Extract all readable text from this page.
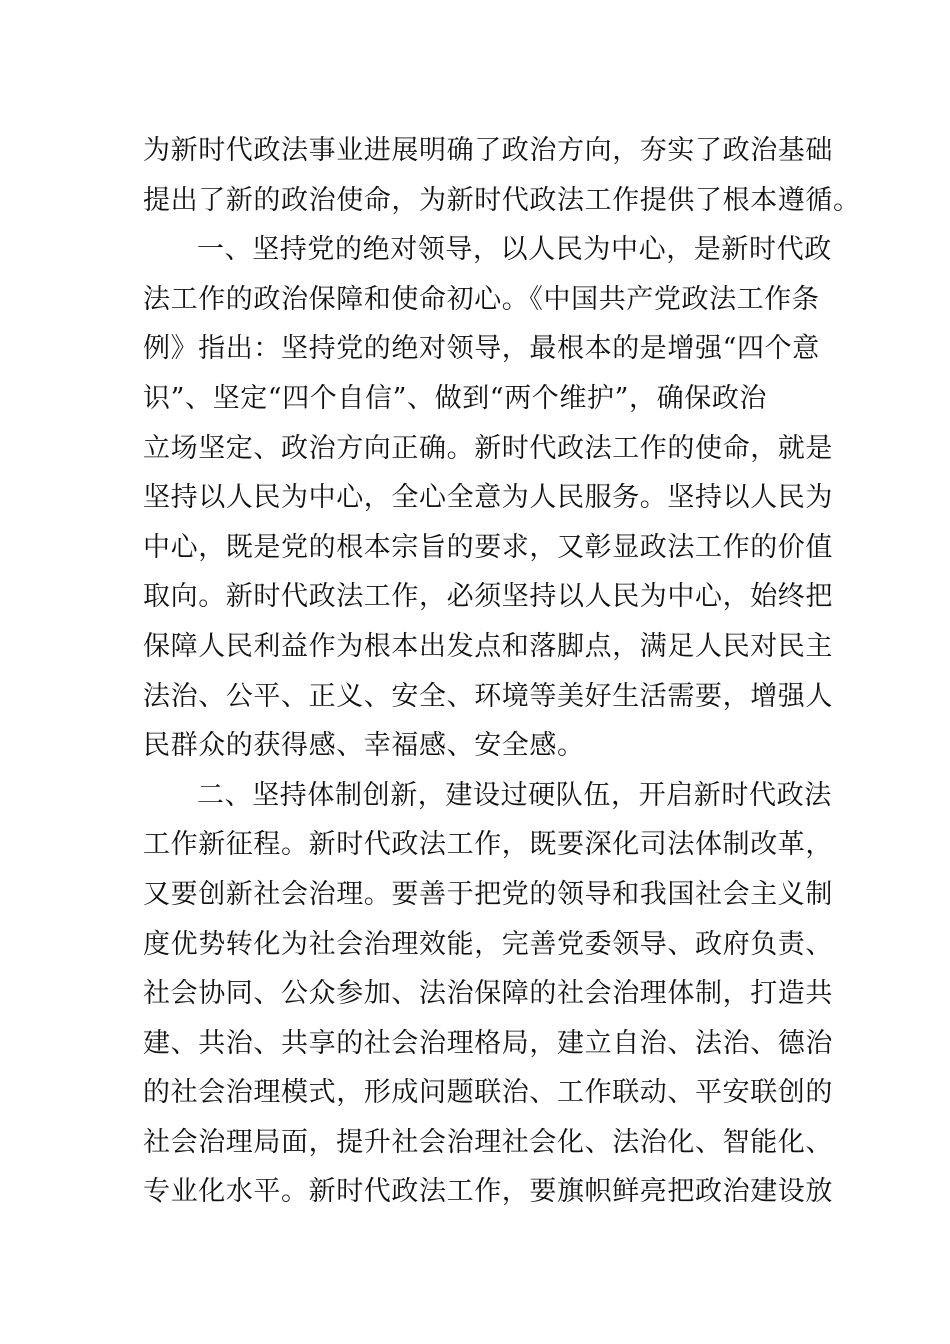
为新时代政法事业进展明确了政治方向，夯实了政治基础
提出了新的政治使命，为新时代政法工作提供了根本遵循。
一、坚持党的绝对领导，以人民为中心，是新时代政
法工作的政治保障和使命初心。《中国共产党政法工作条
例》指出：坚持党的绝对领导，最根本的是增强“四个意
识”、坚定“四个自信”、做到“两个维护”，确保政治
立场坚定、政治方向正确。新时代政法工作的使命，就是
坚持以人民为中心，全心全意为人民服务。坚持以人民为
中心，既是党的根本宗旨的要求，又彰显政法工作的价值
取向。新时代政法工作，必须坚持以人民为中心，始终把
保障人民利益作为根本出发点和落脚点，满足人民对民主
法治、公平、正义、安全、环境等美好生活需要，增强人
民群众的获得感、幸福感、安全感。
二、坚持体制创新，建设过硬队伍，开启新时代政法
工作新征程。新时代政法工作，既要深化司法体制改革，
又要创新社会治理。要善于把党的领导和我国社会主义制
度优势转化为社会治理效能，完善党委领导、政府负责、
社会协同、公众参加、法治保障的社会治理体制，打造共
建、共治、共享的社会治理格局，建立自治、法治、德治
的社会治理模式，形成问题联治、工作联动、平安联创的
社会治理局面，提升社会治理社会化、法治化、智能化、
专业化水平。新时代政法工作，要旗帜鲜亮把政治建设放
